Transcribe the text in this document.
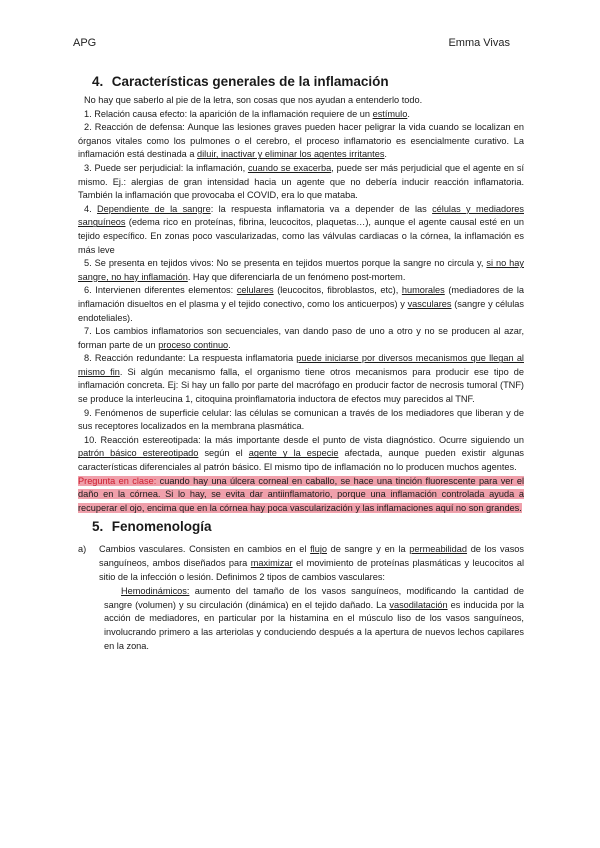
APG	Emma Vivas
4. Características generales de la inflamación

No hay que saberlo al pie de la letra, son cosas que nos ayudan a entenderlo todo.

1. Relación causa efecto: la aparición de la inflamación requiere de un estímulo.

2. Reacción de defensa: Aunque las lesiones graves pueden hacer peligrar la vida cuando se localizan en órganos vitales como los pulmones o el cerebro, el proceso inflamatorio es esencialmente curativo. La inflamación está destinada a diluir, inactivar y eliminar los agentes irritantes.

3. Puede ser perjudicial: la inflamación, cuando se exacerba, puede ser más perjudicial que el agente en sí mismo. Ej.: alergias de gran intensidad hacia un agente que no debería inducir reacción inflamatoria. También la inflamación que provocaba el COVID, era lo que mataba.

4. Dependiente de la sangre: la respuesta inflamatoria va a depender de las células y mediadores sanguíneos (edema rico en proteínas, fibrina, leucocitos, plaquetas…), aunque el agente causal esté en un tejido específico. En zonas poco vascularizadas, como las válvulas cardiacas o la córnea, la inflamación es más leve

5. Se presenta en tejidos vivos: No se presenta en tejidos muertos porque la sangre no circula y, si no hay sangre, no hay inflamación. Hay que diferenciarla de un fenómeno post-mortem.

6. Intervienen diferentes elementos: celulares (leucocitos, fibroblastos, etc), humorales (mediadores de la inflamación disueltos en el plasma y el tejido conectivo, como los anticuerpos) y vasculares (sangre y células endoteliales).

7. Los cambios inflamatorios son secuenciales, van dando paso de uno a otro y no se producen al azar, forman parte de un proceso continuo.

8. Reacción redundante: La respuesta inflamatoria puede iniciarse por diversos mecanismos que llegan al mismo fin. Si algún mecanismo falla, el organismo tiene otros mecanismos para producir ese tipo de inflamación concreta. Ej: Si hay un fallo por parte del macrófago en producir factor de necrosis tumoral (TNF) se produce la interleucina 1, citoquina proinflamatoria inductora de efectos muy parecidos al TNF.

9. Fenómenos de superficie celular: las células se comunican a través de los mediadores que liberan y de sus receptores localizados en la membrana plasmática.

10. Reacción estereotipada: la más importante desde el punto de vista diagnóstico. Ocurre siguiendo un patrón básico estereotipado según el agente y la especie afectada, aunque pueden existir algunas características diferenciales al patrón básico. El mismo tipo de inflamación no lo producen muchos agentes.

Pregunta en clase: cuando hay una úlcera corneal en caballo, se hace una tinción fluorescente para ver el daño en la córnea. Si lo hay, se evita dar antiinflamatorio, porque una inflamación controlada ayuda a recuperar el ojo, encima que en la córnea hay poca vascularización y las inflamaciones aquí no son grandes.

5. Fenomenología
a)	Cambios vasculares. Consisten en cambios en el flujo de sangre y en la permeabilidad de los vasos sanguíneos, ambos diseñados para maximizar el movimiento de proteínas plasmáticas y leucocitos al sitio de la infección o lesión. Definimos 2 tipos de cambios vasculares:

Hemodinámicos: aumento del tamaño de los vasos sanguíneos, modificando la cantidad de sangre (volumen) y su circulación (dinámica) en el tejido dañado. La vasodilatación es inducida por la acción de mediadores, en particular por la histamina en el músculo liso de los vasos sanguíneos, involucrando primero a las arteriolas y conduciendo después a la apertura de nuevos lechos capilares en la zona.
